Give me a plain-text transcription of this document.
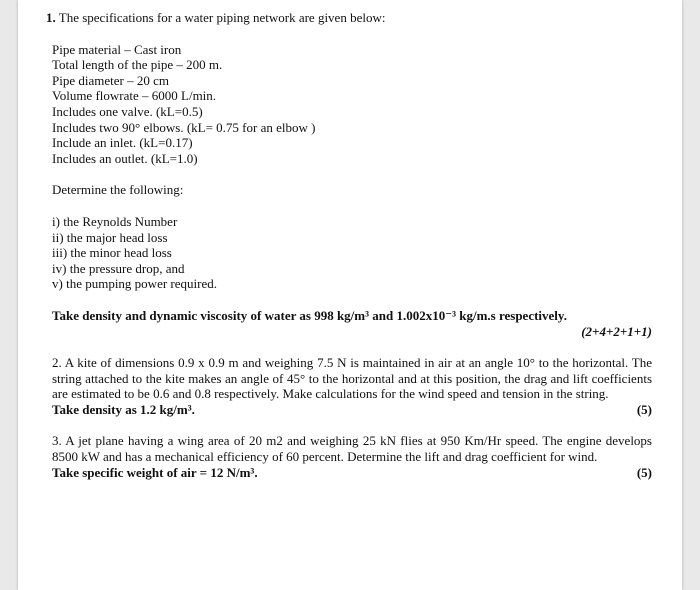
1. The specifications for a water piping network are given below:

Pipe material – Cast iron
Total length of the pipe – 200 m.
Pipe diameter – 20 cm
Volume flowrate – 6000 L/min.
Includes one valve. (kL=0.5)
Includes two 90° elbows. (kL= 0.75 for an elbow )
Include an inlet. (kL=0.17)
Includes an outlet. (kL=1.0)

Determine the following:

i) the Reynolds Number
ii) the major head loss
iii) the minor head loss
iv) the pressure drop, and
v) the pumping power required.

Take density and dynamic viscosity of water as 998 kg/m³ and 1.002x10⁻³ kg/m.s respectively.

(2+4+2+1+1)

2. A kite of dimensions 0.9 x 0.9 m and weighing 7.5 N is maintained in air at an angle 10° to the horizontal. The string attached to the kite makes an angle of 45° to the horizontal and at this position, the drag and lift coefficients are estimated to be 0.6 and 0.8 respectively. Make calculations for the wind speed and tension in the string.

Take density as 1.2 kg/m³.	(5)

3. A jet plane having a wing area of 20 m2 and weighing 25 kN flies at 950 Km/Hr speed. The engine develops 8500 kW and has a mechanical efficiency of 60 percent. Determine the lift and drag coefficient for wind.

Take specific weight of air = 12 N/m³.	(5)
